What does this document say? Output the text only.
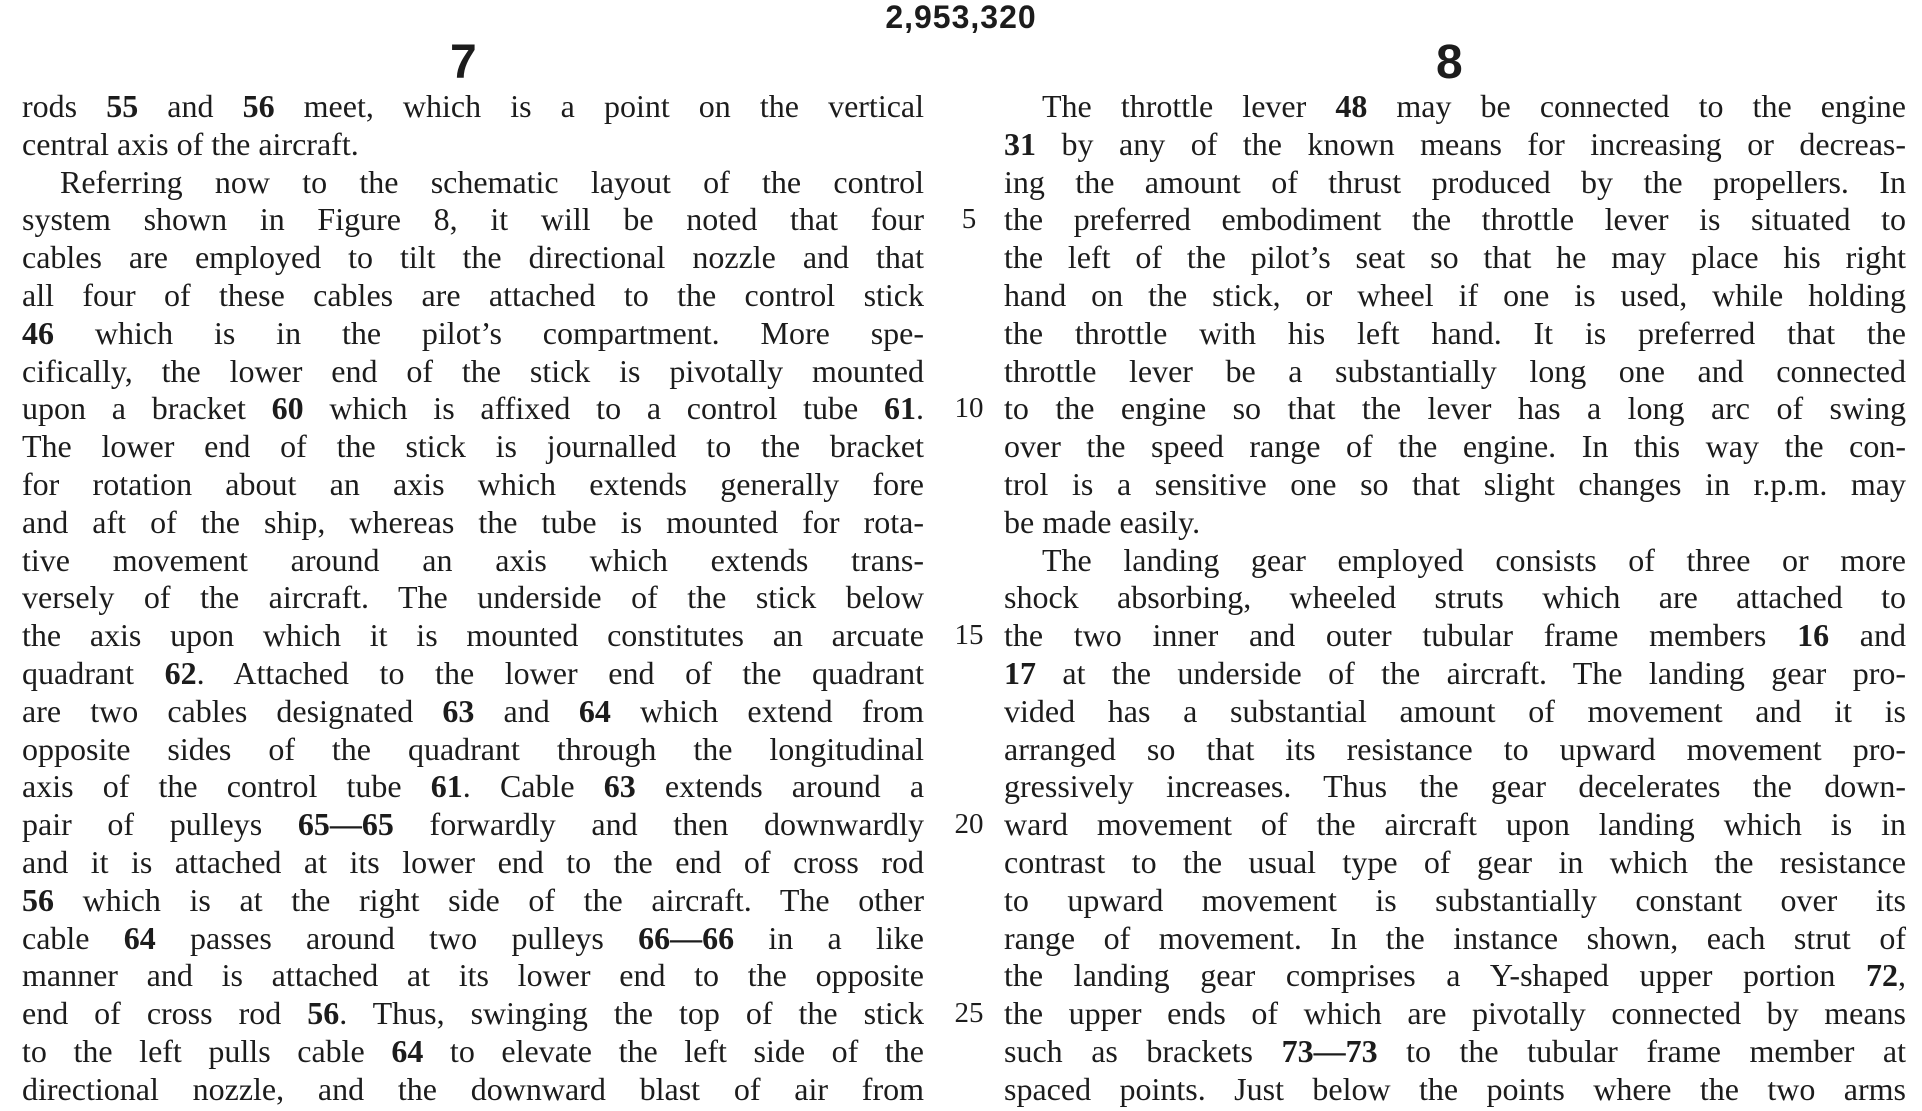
2,953,320
7	8
rods 55 and 56 meet, which is a point on the vertical
central axis of the aircraft.
Referring now to the schematic layout of the control
system shown in Figure 8, it will be noted that four
cables are employed to tilt the directional nozzle and that
all four of these cables are attached to the control stick
46 which is in the pilot’s compartment. More spe-
cifically, the lower end of the stick is pivotally mounted
upon a bracket 60 which is affixed to a control tube 61.
The lower end of the stick is journalled to the bracket
for rotation about an axis which extends generally fore
and aft of the ship, whereas the tube is mounted for rota-
tive movement around an axis which extends trans-
versely of the aircraft. The underside of the stick below
the axis upon which it is mounted constitutes an arcuate
quadrant 62. Attached to the lower end of the quadrant
are two cables designated 63 and 64 which extend from
opposite sides of the quadrant through the longitudinal
axis of the control tube 61. Cable 63 extends around a
pair of pulleys 65—65 forwardly and then downwardly
and it is attached at its lower end to the end of cross rod
56 which is at the right side of the aircraft. The other
cable 64 passes around two pulleys 66—66 in a like
manner and is attached at its lower end to the opposite
end of cross rod 56. Thus, swinging the top of the stick
to the left pulls cable 64 to elevate the left side of the
directional nozzle, and the downward blast of air from
5
10
15
20
25
The throttle lever 48 may be connected to the engine
31 by any of the known means for increasing or decreas-
ing the amount of thrust produced by the propellers. In
the preferred embodiment the throttle lever is situated to
the left of the pilot’s seat so that he may place his right
hand on the stick, or wheel if one is used, while holding
the throttle with his left hand. It is preferred that the
throttle lever be a substantially long one and connected
to the engine so that the lever has a long arc of swing
over the speed range of the engine. In this way the con-
trol is a sensitive one so that slight changes in r.p.m. may
be made easily.
The landing gear employed consists of three or more
shock absorbing, wheeled struts which are attached to
the two inner and outer tubular frame members 16 and
17 at the underside of the aircraft. The landing gear pro-
vided has a substantial amount of movement and it is
arranged so that its resistance to upward movement pro-
gressively increases. Thus the gear decelerates the down-
ward movement of the aircraft upon landing which is in
contrast to the usual type of gear in which the resistance
to upward movement is substantially constant over its
range of movement. In the instance shown, each strut of
the landing gear comprises a Y-shaped upper portion 72,
the upper ends of which are pivotally connected by means
such as brackets 73—73 to the tubular frame member at
spaced points. Just below the points where the two arms
